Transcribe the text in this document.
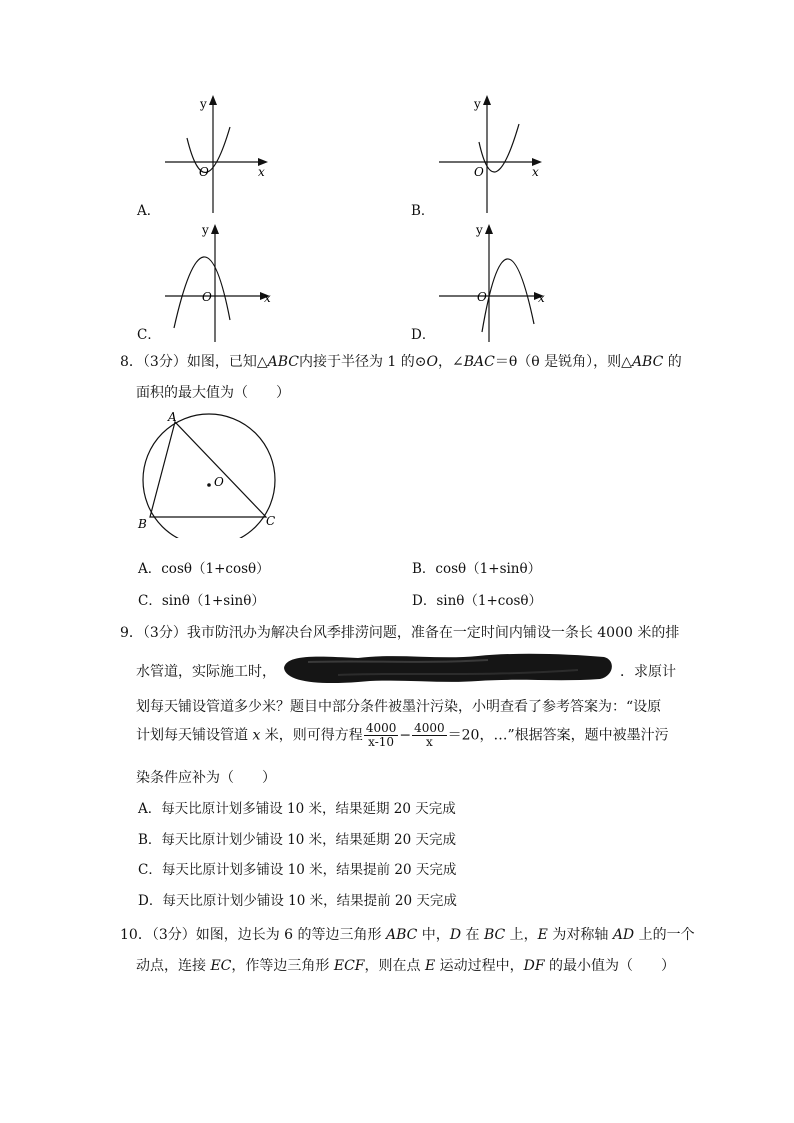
y
x
O
A．
y
x
O
B．
y
x
O
C．
y
x
O
D．
8．（3分）如图，已知△ABC内接于半径为 1 的⊙O，∠BAC＝θ（θ 是锐角），则△ABC 的
面积的最大值为（　　）
A
B	C
O
A．cosθ（1+cosθ）	B．cosθ（1+sinθ）
C．sinθ（1+sinθ）	D．sinθ（1+cosθ）
9．（3分）我市防汛办为解决台风季排涝问题，准备在一定时间内铺设一条长 4000 米的排
水管道，实际施工时，	．求原计
划每天铺设管道多少米？题目中部分条件被墨汁污染，小明查看了参考答案为：“设原
计划每天铺设管道 x 米，则可得方程 $\frac{4000}{x-10} - \frac{4000}{x} =20$，…”根据答案，题中被墨汁污
染条件应补为（　　）
A．每天比原计划多铺设 10 米，结果延期 20 天完成
B．每天比原计划少铺设 10 米，结果延期 20 天完成
C．每天比原计划多铺设 10 米，结果提前 20 天完成
D．每天比原计划少铺设 10 米，结果提前 20 天完成
10．（3分）如图，边长为 6 的等边三角形 ABC 中，D 在 BC 上，E 为对称轴 AD 上的一个
动点，连接 EC，作等边三角形 ECF，则在点 E 运动过程中，DF 的最小值为（　　）
